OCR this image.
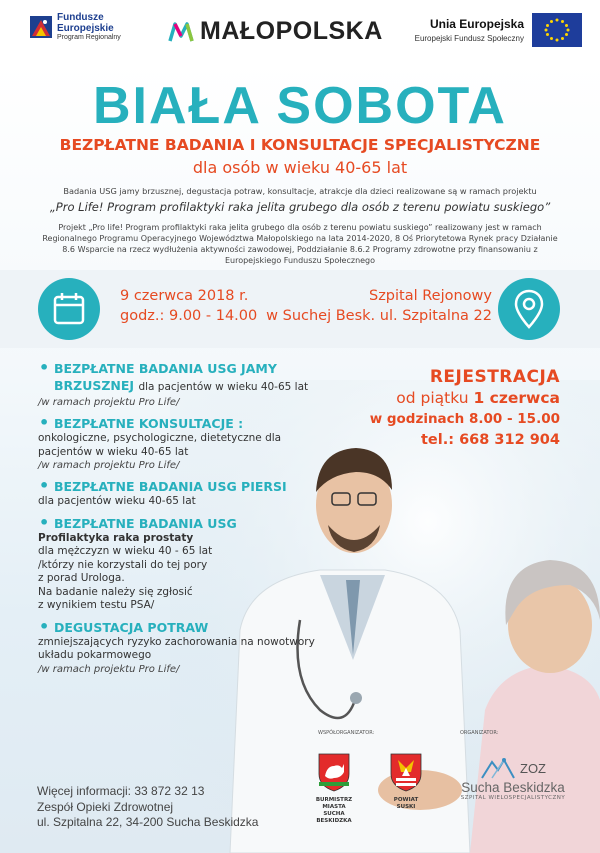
Fundusze
Europejskie
Program Regionalny	MAŁOPOLSKA	Unia Europejska
Europejski Fundusz Społeczny
BIAŁA SOBOTA
BEZPŁATNE BADANIA I KONSULTACJE SPECJALISTYCZNE
dla osób w wieku 40-65 lat
Badania USG jamy brzusznej, degustacja potraw, konsultacje, atrakcje dla dzieci realizowane są w ramach projektu
„Pro Life! Program profilaktyki raka jelita grubego dla osób z terenu powiatu suskiego”
Projekt „Pro life! Program profilaktyki raka jelita grubego dla osób z terenu powiatu suskiego” realizowany jest w ramach Regionalnego Programu Operacyjnego Województwa Małopolskiego na lata 2014-2020, 8 Oś Priorytetowa Rynek pracy Działanie 8.6 Wsparcie na rzecz wydłużenia aktywności zawodowej, Poddziałanie 8.6.2 Programy zdrowotne przy finansowaniu z Europejskiego Funduszu Społecznego
9 czerwca 2018 r.
godz.: 9.00 - 14.00
Szpital Rejonowy
w Suchej Besk. ul. Szpitalna 22
• BEZPŁATNE BADANIA USG JAMY BRZUSZNEJ dla pacjentów w wieku 40-65 lat
/w ramach projektu Pro Life/
• BEZPŁATNE KONSULTACJE :
onkologiczne, psychologiczne, dietetyczne dla pacjentów w wieku 40-65 lat
/w ramach projektu Pro Life/
• BEZPŁATNE BADANIA USG PIERSI
dla pacjentów wieku 40-65 lat
• BEZPŁATNE BADANIA USG
Profilaktyka raka prostaty
dla mężczyzn w wieku 40 - 65 lat
/którzy nie korzystali do tej pory
z porad Urologa.
Na badanie należy się zgłosić
z wynikiem testu PSA/
• DEGUSTACJA POTRAW
zmniejszających ryzyko zachorowania na nowotwory układu pokarmowego
/w ramach projektu Pro Life/
REJESTRACJA
od piątku 1 czerwca
w godzinach 8.00 - 15.00
tel.: 668 312 904
Więcej informacji: 33 872 32 13
Zespół Opieki Zdrowotnej
ul. Szpitalna 22, 34-200 Sucha Beskidzka
WSPÓŁORGANIZATOR:	ORGANIZATOR:
BURMISTRZ MIASTA SUCHA BESKIDZKA
POWIAT SUSKI
ZOZ
Sucha Beskidzka
SZPITAL WIELOSPECJALISTYCZNY
